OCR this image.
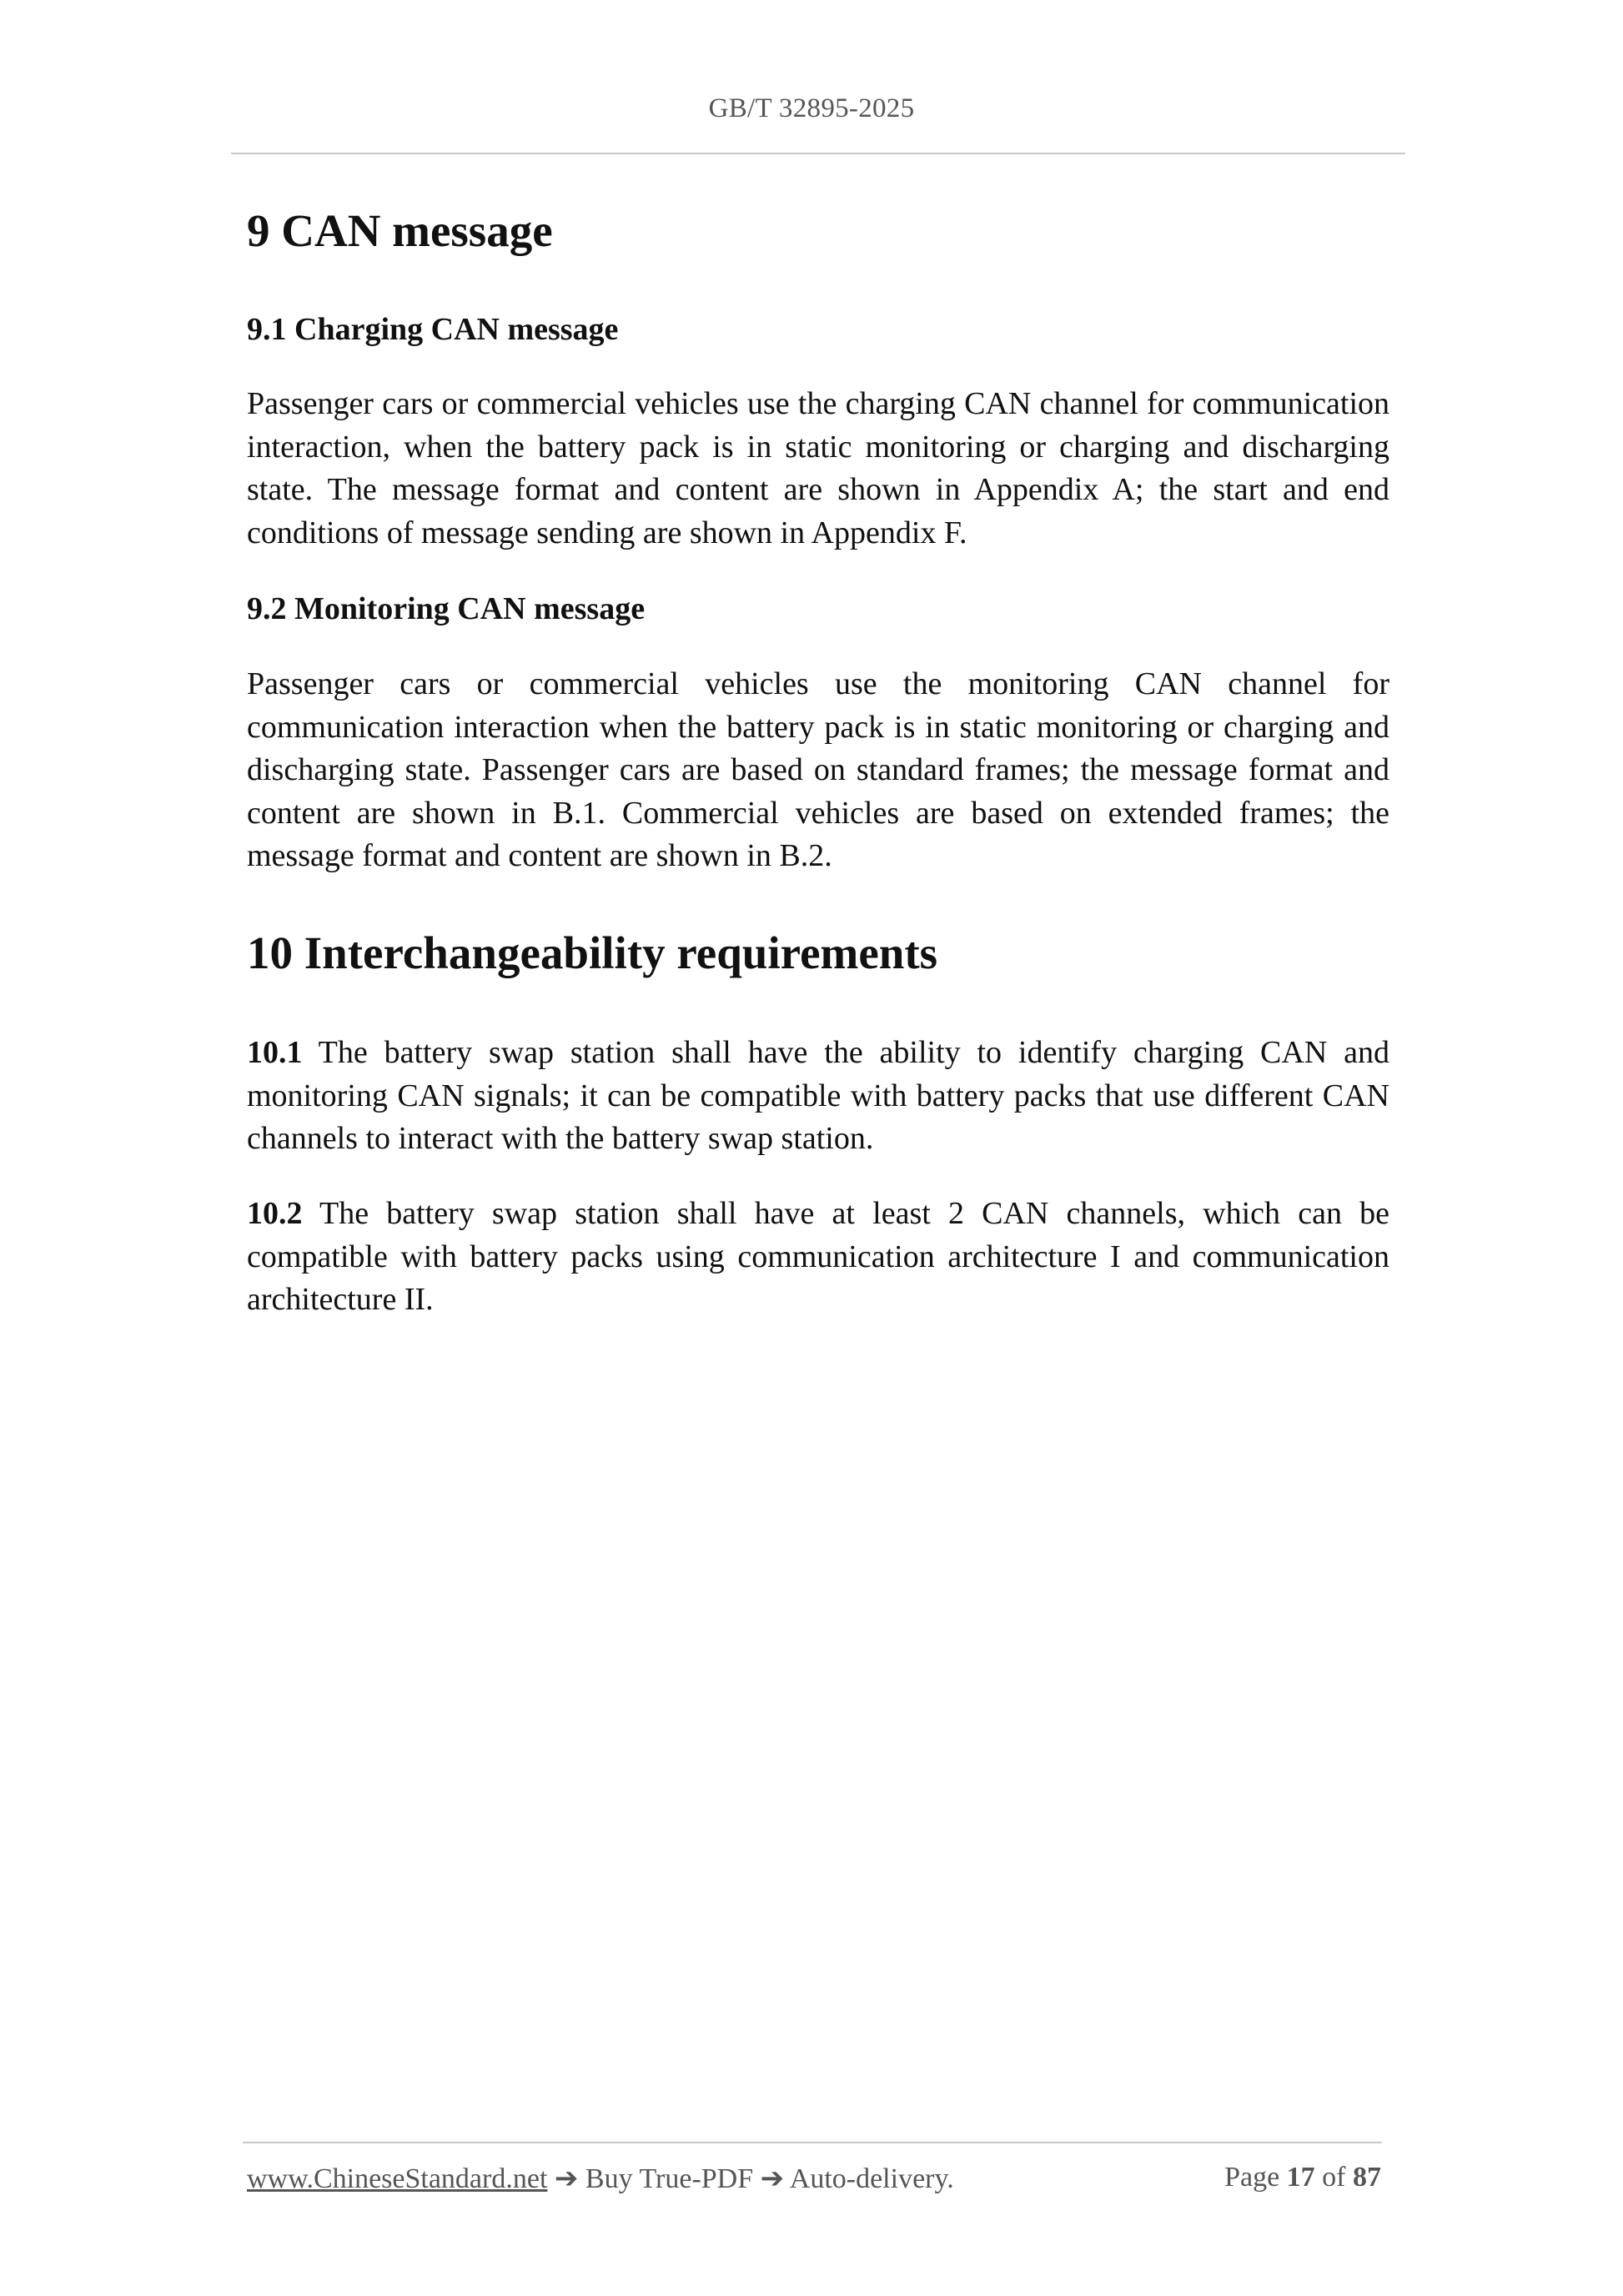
GB/T 32895-2025
9 CAN message
9.1 Charging CAN message
Passenger cars or commercial vehicles use the charging CAN channel for communication interaction, when the battery pack is in static monitoring or charging and discharging state. The message format and content are shown in Appendix A; the start and end conditions of message sending are shown in Appendix F.
9.2 Monitoring CAN message
Passenger cars or commercial vehicles use the monitoring CAN channel for communication interaction when the battery pack is in static monitoring or charging and discharging state. Passenger cars are based on standard frames; the message format and content are shown in B.1. Commercial vehicles are based on extended frames; the message format and content are shown in B.2.
10 Interchangeability requirements
10.1 The battery swap station shall have the ability to identify charging CAN and monitoring CAN signals; it can be compatible with battery packs that use different CAN channels to interact with the battery swap station.
10.2 The battery swap station shall have at least 2 CAN channels, which can be compatible with battery packs using communication architecture I and communication architecture II.
www.ChineseStandard.net ➔ Buy True-PDF ➔ Auto-delivery.	Page 17 of 87
